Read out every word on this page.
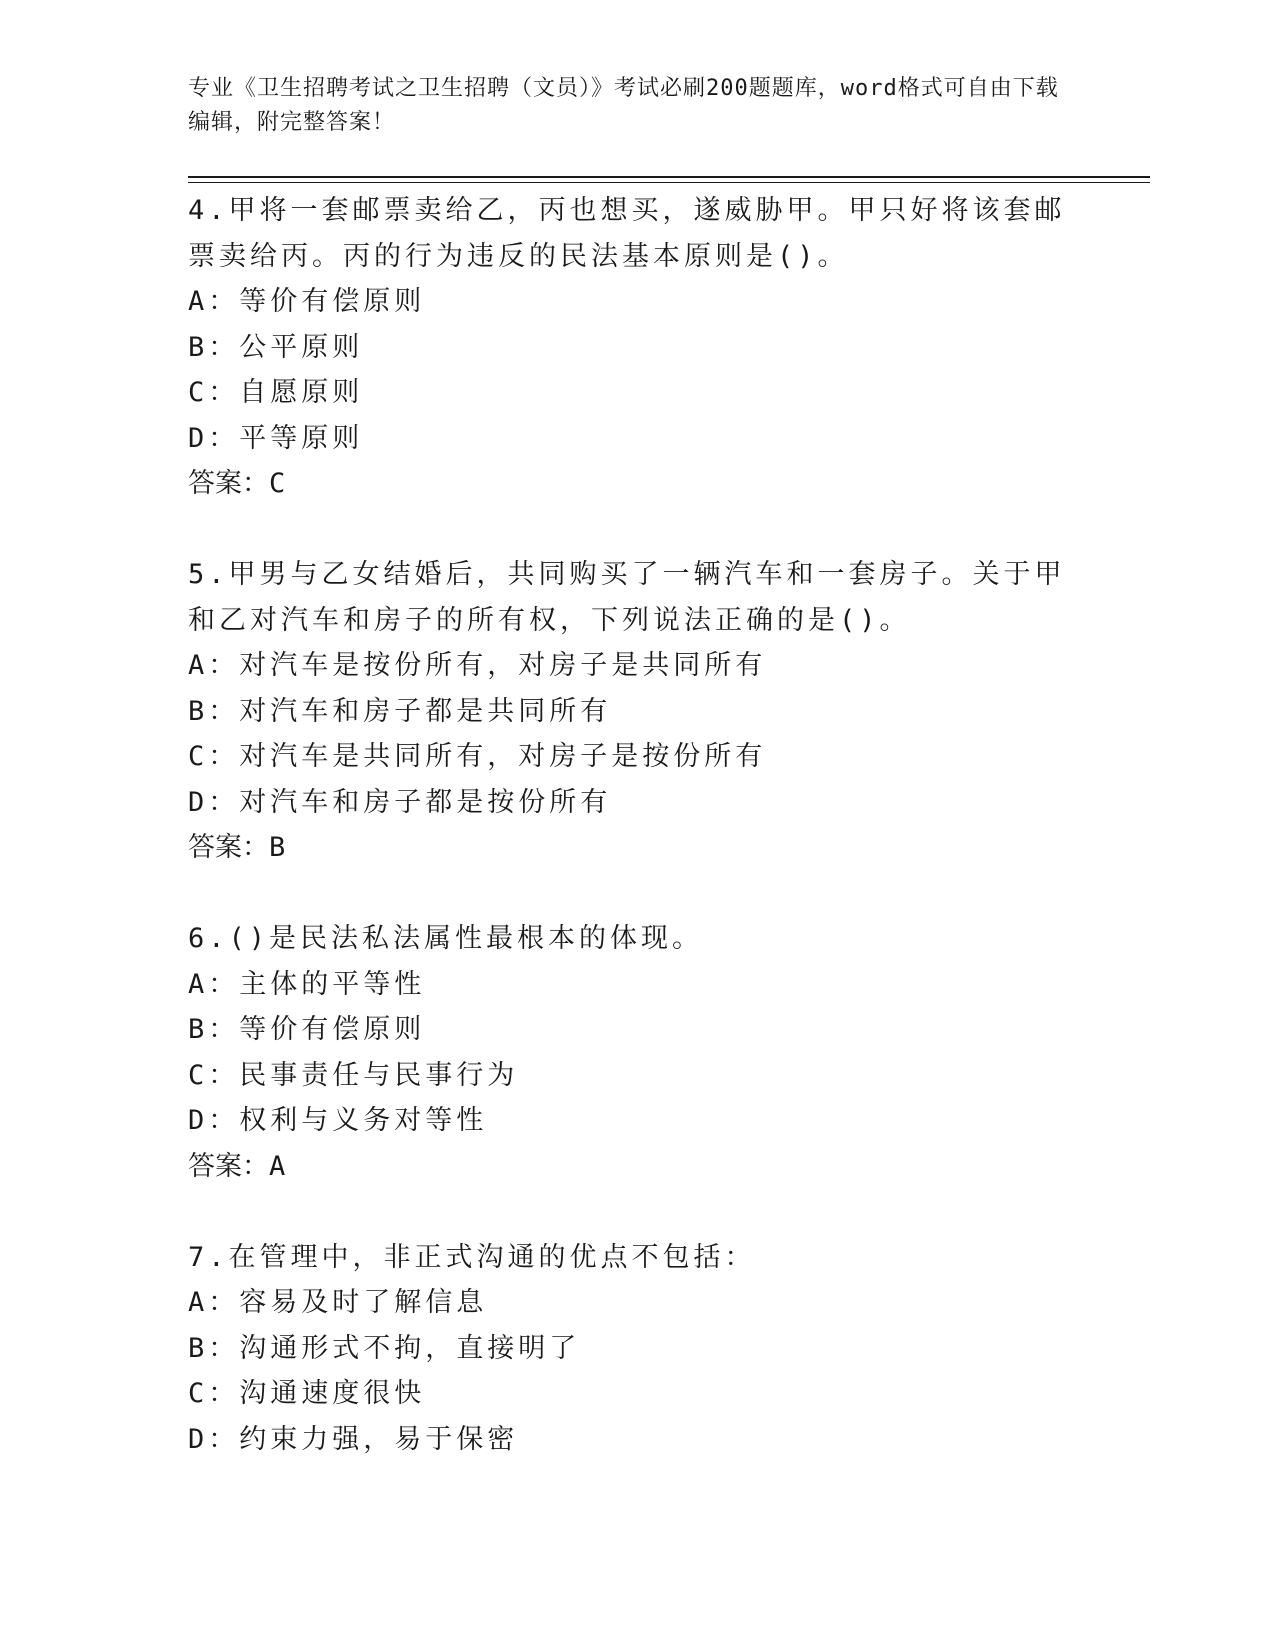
专业《卫生招聘考试之卫生招聘（文员）》考试必刷200题题库，word格式可自由下载编辑，附完整答案！
4.甲将一套邮票卖给乙，丙也想买，遂威胁甲。甲只好将该套邮票卖给丙。丙的行为违反的民法基本原则是()。
A：等价有偿原则
B：公平原则
C：自愿原则
D：平等原则
答案：C
5.甲男与乙女结婚后，共同购买了一辆汽车和一套房子。关于甲和乙对汽车和房子的所有权，下列说法正确的是()。
A：对汽车是按份所有，对房子是共同所有
B：对汽车和房子都是共同所有
C：对汽车是共同所有，对房子是按份所有
D：对汽车和房子都是按份所有
答案：B
6.()是民法私法属性最根本的体现。
A：主体的平等性
B：等价有偿原则
C：民事责任与民事行为
D：权利与义务对等性
答案：A
7.在管理中，非正式沟通的优点不包括：
A：容易及时了解信息
B：沟通形式不拘，直接明了
C：沟通速度很快
D：约束力强，易于保密
